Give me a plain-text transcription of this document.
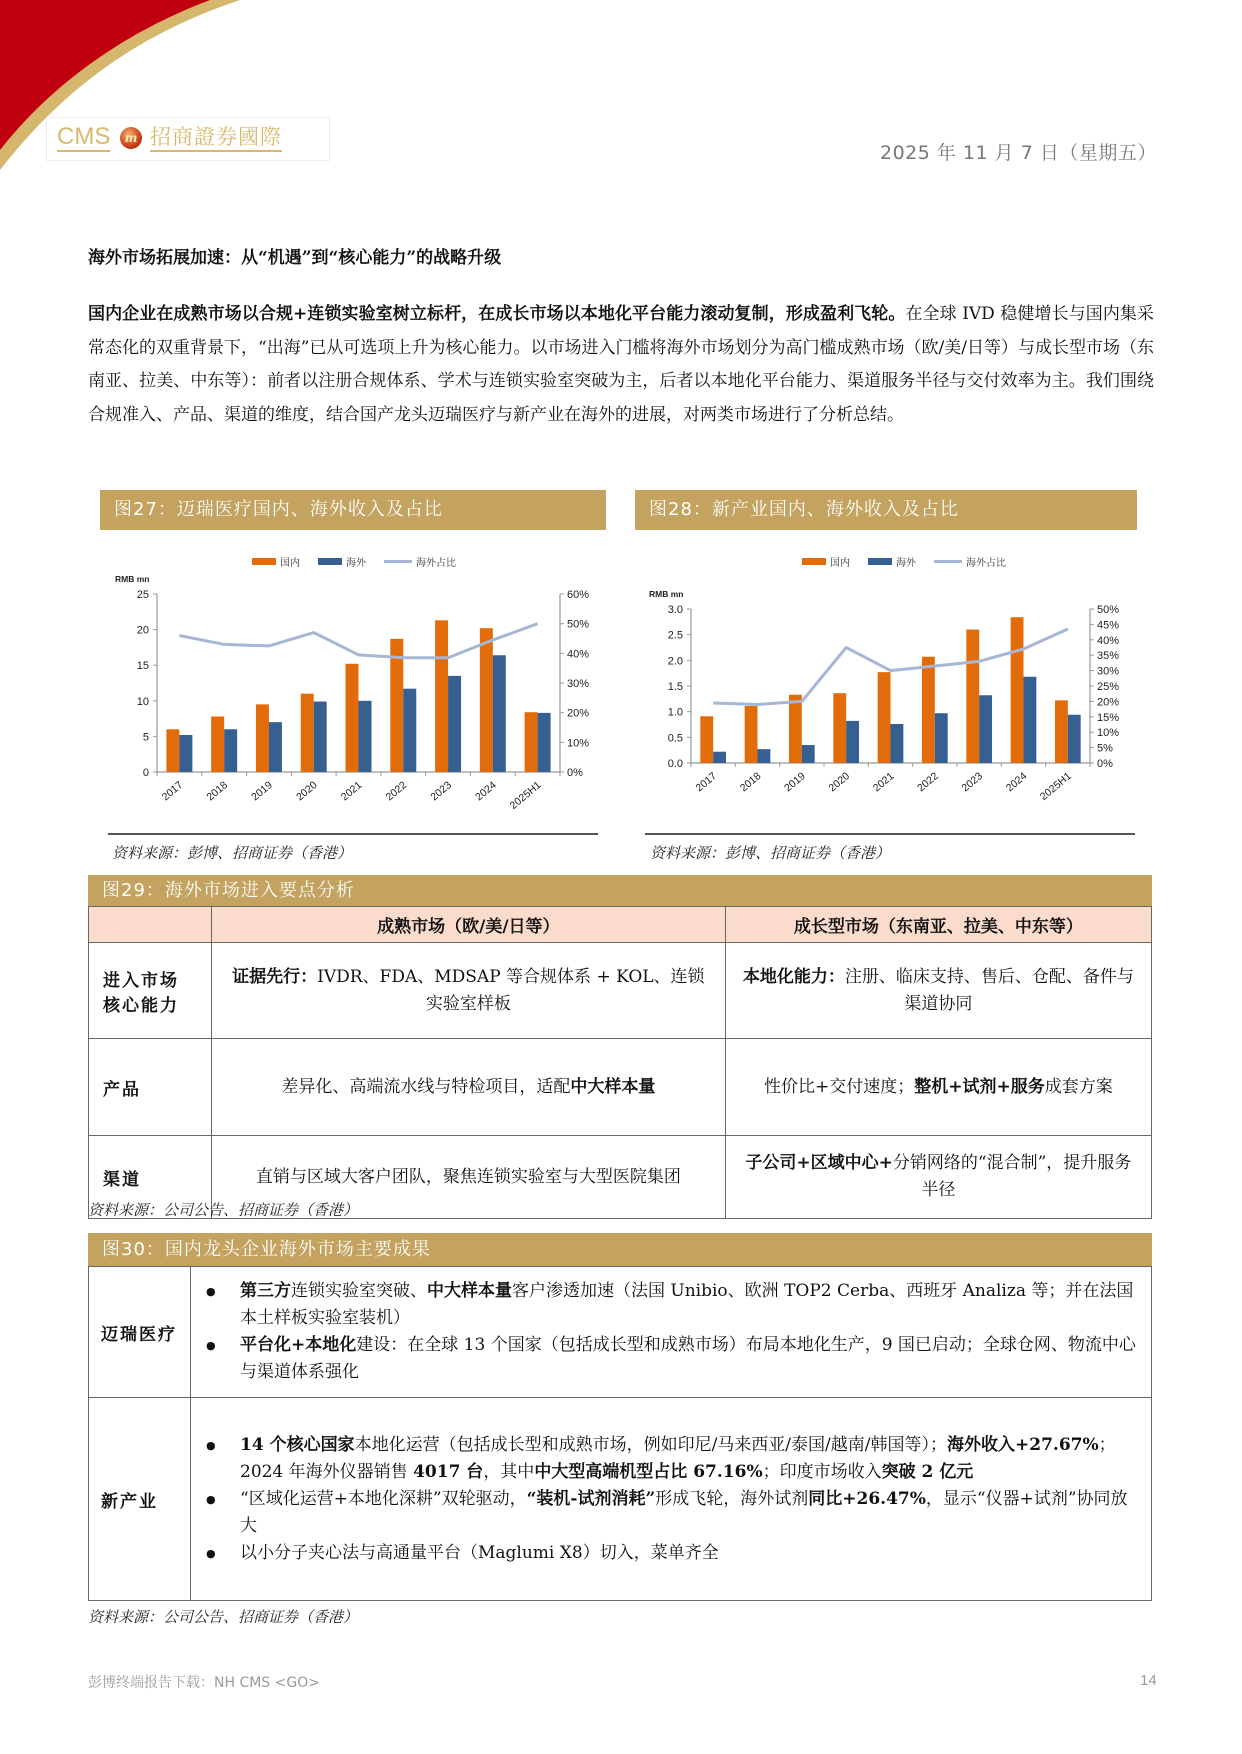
CMS	m 招商證券國際
2025 年 11 月 7 日（星期五）
海外市场拓展加速：从“机遇”到“核心能力”的战略升级
国内企业在成熟市场以合规+连锁实验室树立标杆，在成长市场以本地化平台能力滚动复制，形成盈利飞轮。在全球 IVD 稳健增长与国内集采常态化的双重背景下，“出海”已从可选项上升为核心能力。以市场进入门槛将海外市场划分为高门槛成熟市场（欧/美/日等）与成长型市场（东南亚、拉美、中东等）：前者以注册合规体系、学术与连锁实验室突破为主，后者以本地化平台能力、渠道服务半径与交付效率为主。我们围绕合规准入、产品、渠道的维度，结合国产龙头迈瑞医疗与新产业在海外的进展，对两类市场进行了分析总结。
图27：迈瑞医疗国内、海外收入及占比
国内	海外	海外占比
RMB mn
0
5
10
15
20
25
0%
10%
20%
30%
40%
50%
60%
2017 2018 2019 2020 2021 2022 2023 2024 2025H1
资料来源：彭博、招商证券（香港）
图28：新产业国内、海外收入及占比
国内	海外	海外占比
RMB mn
0.0
0.5
1.0
1.5
2.0
2.5
3.0
0%
5%
10%
15%
20%
25%
30%
35%
40%
45%
50%
2017 2018 2019 2020 2021 2022 2023 2024 2025H1
资料来源：彭博、招商证券（香港）
图29：海外市场进入要点分析
	成熟市场（欧/美/日等）	成长型市场（东南亚、拉美、中东等）
进入市场核心能力	证据先行：IVDR、FDA、MDSAP 等合规体系 + KOL、连锁实验室样板	本地化能力：注册、临床支持、售后、仓配、备件与渠道协同
产品	差异化、高端流水线与特检项目，适配中大样本量	性价比+交付速度；整机+试剂+服务成套方案
渠道	直销与区域大客户团队，聚焦连锁实验室与大型医院集团	子公司+区域中心+分销网络的“混合制”，提升服务半径
资料来源：公司公告、招商证券（香港）
图30：国内龙头企业海外市场主要成果
迈瑞医疗	
● 第三方连锁实验室突破、中大样本量客户渗透加速（法国 Unibio、欧洲 TOP2 Cerba、西班牙 Analiza 等；并在法国本土样板实验室装机）
● 平台化+本地化建设：在全球 13 个国家（包括成长型和成熟市场）布局本地化生产，9 国已启动；全球仓网、物流中心与渠道体系强化

新产业	
● 14 个核心国家本地化运营（包括成长型和成熟市场，例如印尼/马来西亚/泰国/越南/韩国等）；海外收入+27.67%；2024 年海外仪器销售 4017 台，其中中大型高端机型占比 67.16%；印度市场收入突破 2 亿元
● “区域化运营+本地化深耕”双轮驱动，“装机-试剂消耗”形成飞轮，海外试剂同比+26.47%，显示“仪器+试剂”协同放大
● 以小分子夹心法与高通量平台（Maglumi X8）切入，菜单齐全
资料来源：公司公告、招商证券（香港）
彭博终端报告下载：NH CMS <GO>	14
